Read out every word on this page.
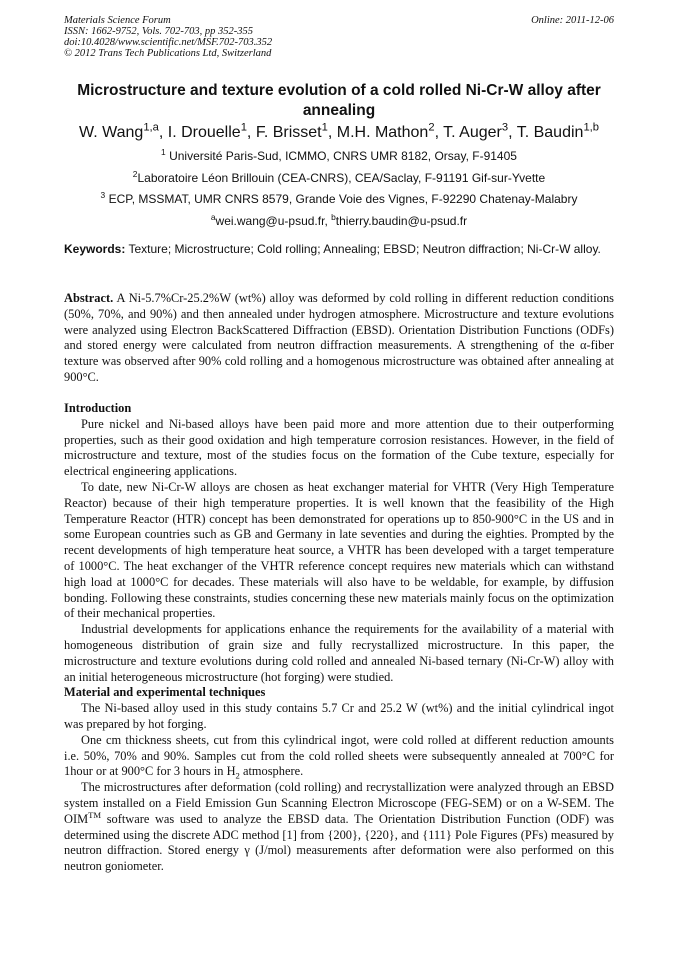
Materials Science Forum
ISSN: 1662-9752, Vols. 702-703, pp 352-355
doi:10.4028/www.scientific.net/MSF.702-703.352
© 2012 Trans Tech Publications Ltd, Switzerland
Online: 2011-12-06
Microstructure and texture evolution of a cold rolled Ni-Cr-W alloy after annealing
W. Wang$^{1,a}$, I. Drouelle$^1$, F. Brisset$^1$, M.H. Mathon$^2$, T. Auger$^3$, T. Baudin$^{1,b}$
$^1$ Université Paris-Sud, ICMMO, CNRS UMR 8182, Orsay, F-91405
$^2$Laboratoire Léon Brillouin (CEA-CNRS), CEA/Saclay, F-91191 Gif-sur-Yvette
$^3$ ECP, MSSMAT, UMR CNRS 8579, Grande Voie des Vignes, F-92290 Chatenay-Malabry
$^a$wei.wang@u-psud.fr, $^b$thierry.baudin@u-psud.fr
Keywords: Texture; Microstructure; Cold rolling; Annealing; EBSD; Neutron diffraction; Ni-Cr-W alloy.

Abstract. A Ni-5.7%Cr-25.2%W (wt%) alloy was deformed by cold rolling in different reduction conditions (50%, 70%, and 90%) and then annealed under hydrogen atmosphere. Microstructure and texture evolutions were analyzed using Electron BackScattered Diffraction (EBSD). Orientation Distribution Functions (ODFs) and stored energy were calculated from neutron diffraction measurements. A strengthening of the α-fiber texture was observed after 90% cold rolling and a homogenous microstructure was obtained after annealing at 900°C.

Introduction

Pure nickel and Ni-based alloys have been paid more and more attention due to their outperforming properties, such as their good oxidation and high temperature corrosion resistances. However, in the field of microstructure and texture, most of the studies focus on the formation of the Cube texture, especially for electrical engineering applications.

To date, new Ni-Cr-W alloys are chosen as heat exchanger material for VHTR (Very High Temperature Reactor) because of their high temperature properties. It is well known that the feasibility of the High Temperature Reactor (HTR) concept has been demonstrated for operations up to 850-900°C in the US and in some European countries such as GB and Germany in late seventies and during the eighties. Prompted by the recent developments of high temperature heat source, a VHTR has been developed with a target temperature of 1000°C. The heat exchanger of the VHTR reference concept requires new materials which can withstand high load at 1000°C for decades. These materials will also have to be weldable, for example, by diffusion bonding. Following these constraints, studies concerning these new materials mainly focus on the optimization of their mechanical properties.

Industrial developments for applications enhance the requirements for the availability of a material with homogeneous distribution of grain size and fully recrystallized microstructure. In this paper, the microstructure and texture evolutions during cold rolled and annealed Ni-based ternary (Ni-Cr-W) alloy with an initial heterogeneous microstructure (hot forging) were studied.

Material and experimental techniques

The Ni-based alloy used in this study contains 5.7 Cr and 25.2 W (wt%) and the initial cylindrical ingot was prepared by hot forging.

One cm thickness sheets, cut from this cylindrical ingot, were cold rolled at different reduction amounts i.e. 50%, 70% and 90%. Samples cut from the cold rolled sheets were subsequently annealed at 700°C for 1hour or at 900°C for 3 hours in $H_2$ atmosphere.

The microstructures after deformation (cold rolling) and recrystallization were analyzed through an EBSD system installed on a Field Emission Gun Scanning Electron Microscope (FEG-SEM) or on a W-SEM. The OIM™ software was used to analyze the EBSD data. The Orientation Distribution Function (ODF) was determined using the discrete ADC method [1] from {200}, {220}, and {111} Pole Figures (PFs) measured by neutron diffraction. Stored energy γ (J/mol) measurements after deformation were also performed on this neutron goniometer.
